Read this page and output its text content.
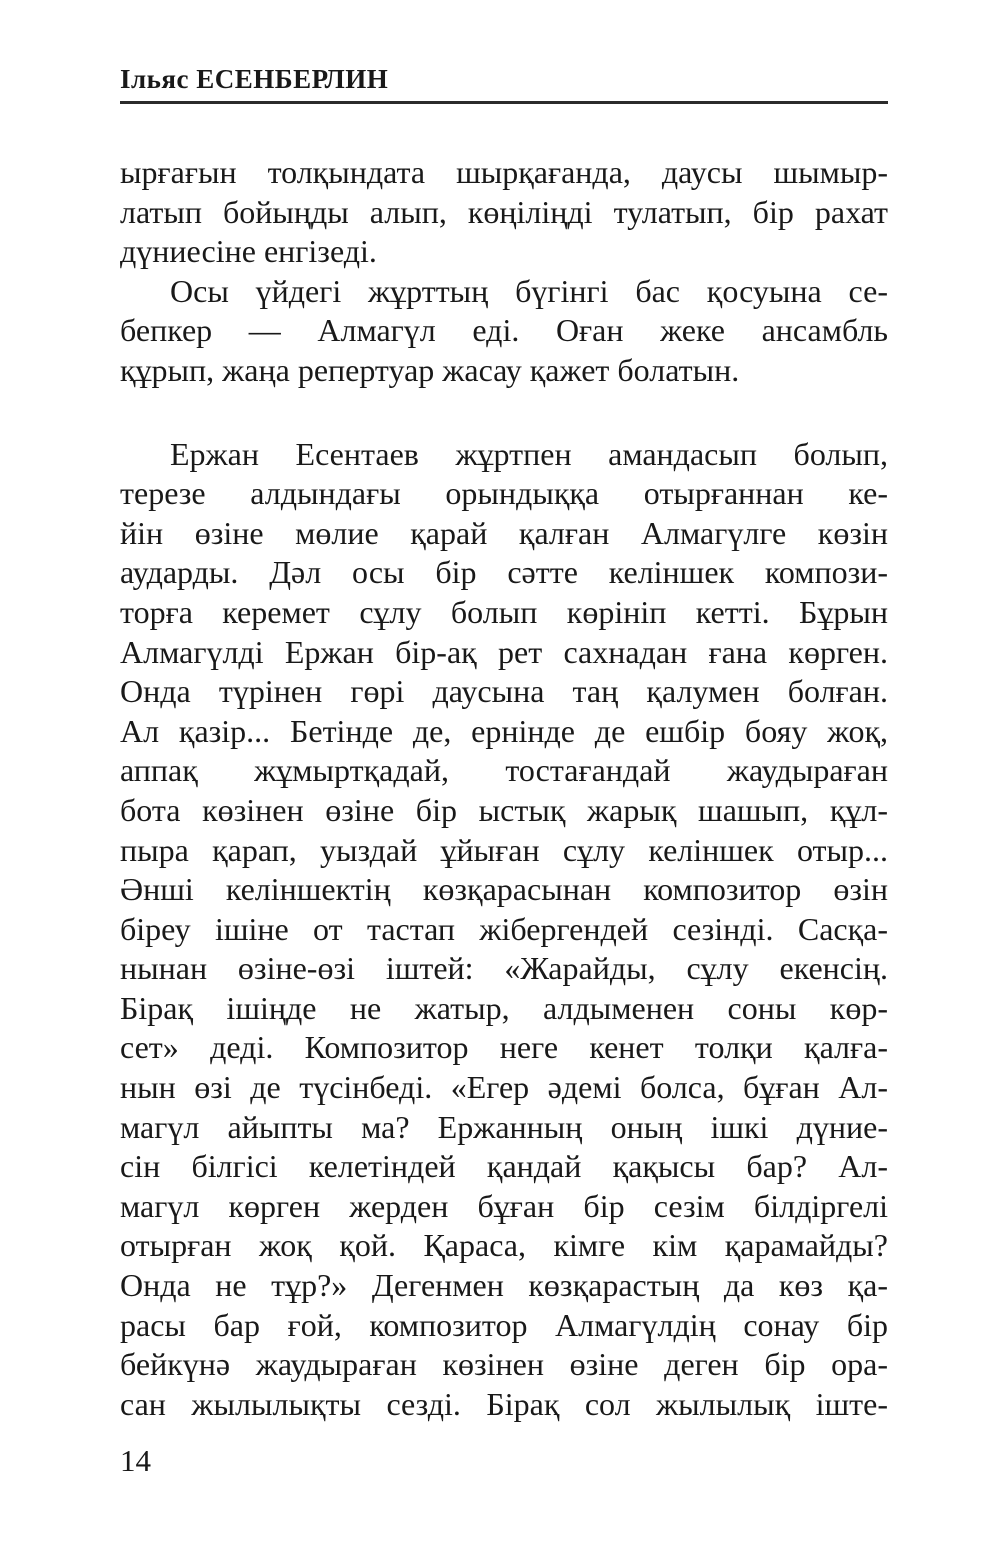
Ільяс ЕСЕНБЕРЛИН
ырғағын толқындата шырқағанда, даусы шымыр-
латып бойыңды алып, көңіліңді тулатып, бір рахат
дүниесіне енгізеді.
Осы үйдегі жұрттың бүгінгі бас қосуына се-
бепкер — Алмагүл еді. Оған жеке ансамбль
құрып, жаңа репертуар жасау қажет болатын.
Ержан Есентаев жұртпен амандасып болып,
терезе алдындағы орындыққа отырғаннан ке-
йін өзіне мөлие қарай қалған Алмагүлге көзін
аударды. Дәл осы бір сәтте келіншек компози-
торға керемет сұлу болып көрініп кетті. Бұрын
Алмагүлді Ержан бір-ақ рет сахнадан ғана көрген.
Онда түрінен гөрі даусына таң қалумен болған.
Ал қазір... Бетінде де, ернінде де ешбір бояу жоқ,
аппақ жұмыртқадай, тостағандай жаудыраған
бота көзінен өзіне бір ыстық жарық шашып, құл-
пыра қарап, уыздай ұйыған сұлу келіншек отыр...
Әнші келіншектің көзқарасынан композитор өзін
біреу ішіне от тастап жібергендей сезінді. Сасқа-
нынан өзіне-өзі іштей: «Жарайды, сұлу екенсің.
Бірақ ішіңде не жатыр, алдыменен соны көр-
сет» деді. Композитор неге кенет толқи қалға-
нын өзі де түсінбеді. «Егер әдемі болса, бұған Ал-
магүл айыпты ма? Ержанның оның ішкі дүние-
сін білгісі келетіндей қандай қақысы бар? Ал-
магүл көрген жерден бұған бір сезім білдіргелі
отырған жоқ қой. Қараса, кімге кім қарамайды?
Онда не тұр?» Дегенмен көзқарастың да көз қа-
расы бар ғой, композитор Алмагүлдің сонау бір
бейкүнә жаудыраған көзінен өзіне деген бір ора-
сан жылылықты сезді. Бірақ сол жылылық іште-
14
